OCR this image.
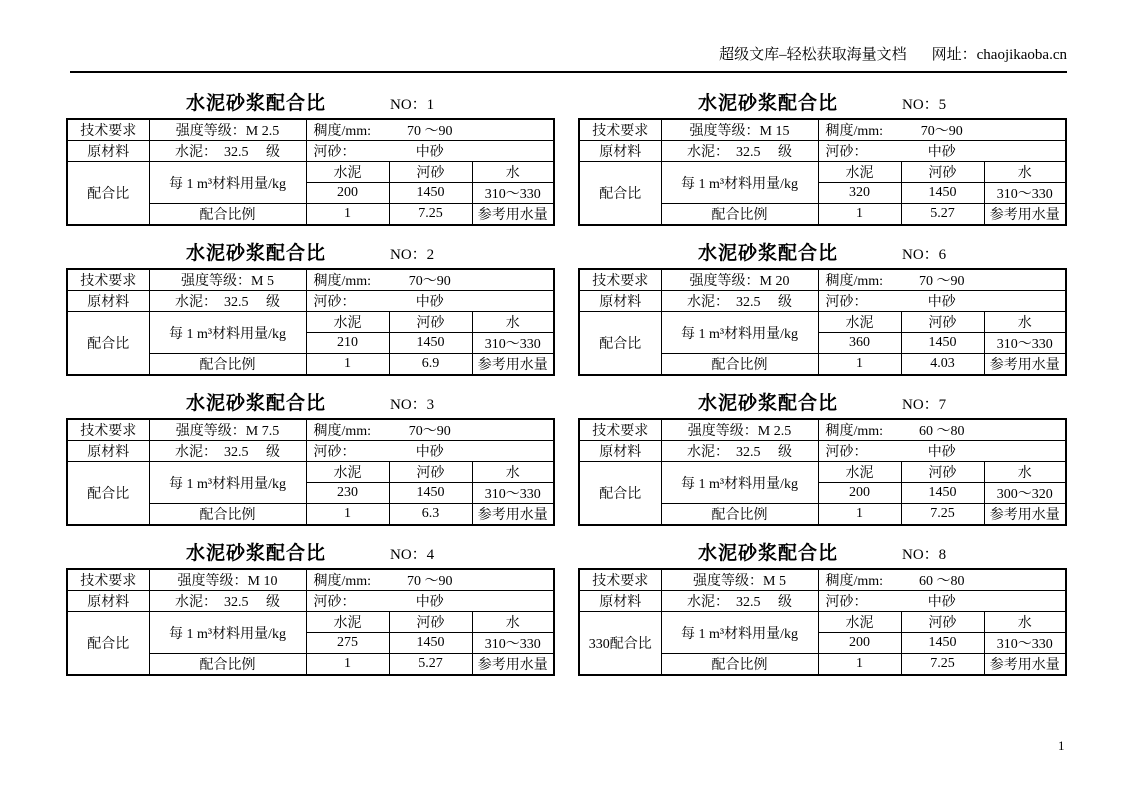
超级文库–轻松获取海量文档 网址：chaojikaoba.cn

水泥砂浆配合比	NO：1
技术要求	强度等级：M 2.5	稠度/mm: 70 ～90		
原材料	水泥：  32.5     级	河砂： 中砂		
配合比	每 1 m³材料用量/kg	水泥	河砂	水
		200	1450	310～330
	配合比例	1	7.25	参考用水量
水泥砂浆配合比	NO：2
技术要求	强度等级：M 5	稠度/mm: 70～90		
原材料	水泥：  32.5     级	河砂： 中砂		
配合比	每 1 m³材料用量/kg	水泥	河砂	水
		210	1450	310～330
	配合比例	1	6.9	参考用水量
水泥砂浆配合比	NO：3
技术要求	强度等级：M 7.5	稠度/mm: 70～90		
原材料	水泥：  32.5     级	河砂： 中砂		
配合比	每 1 m³材料用量/kg	水泥	河砂	水
		230	1450	310～330
	配合比例	1	6.3	参考用水量
水泥砂浆配合比	NO：4
技术要求	强度等级：M 10	稠度/mm: 70 ～90		
原材料	水泥：  32.5     级	河砂： 中砂		
配合比	每 1 m³材料用量/kg	水泥	河砂	水
		275	1450	310～330
	配合比例	1	5.27	参考用水量
水泥砂浆配合比	NO：5
技术要求	强度等级：M 15	稠度/mm: 70～90		
原材料	水泥：  32.5     级	河砂： 中砂		
配合比	每 1 m³材料用量/kg	水泥	河砂	水
		320	1450	310～330
	配合比例	1	5.27	参考用水量
水泥砂浆配合比	NO：6
技术要求	强度等级：M 20	稠度/mm: 70 ～90		
原材料	水泥：  32.5     级	河砂： 中砂		
配合比	每 1 m³材料用量/kg	水泥	河砂	水
		360	1450	310～330
	配合比例	1	4.03	参考用水量
水泥砂浆配合比	NO：7
技术要求	强度等级：M 2.5	稠度/mm: 60 ～80		
原材料	水泥：  32.5     级	河砂： 中砂		
配合比	每 1 m³材料用量/kg	水泥	河砂	水
		200	1450	300～320
	配合比例	1	7.25	参考用水量
水泥砂浆配合比	NO：8
技术要求	强度等级：M 5	稠度/mm: 60 ～80		
原材料	水泥：  32.5     级	河砂： 中砂		
330配合比	每 1 m³材料用量/kg	水泥	河砂	水
		200	1450	310～330
	配合比例	1	7.25	参考用水量
1
